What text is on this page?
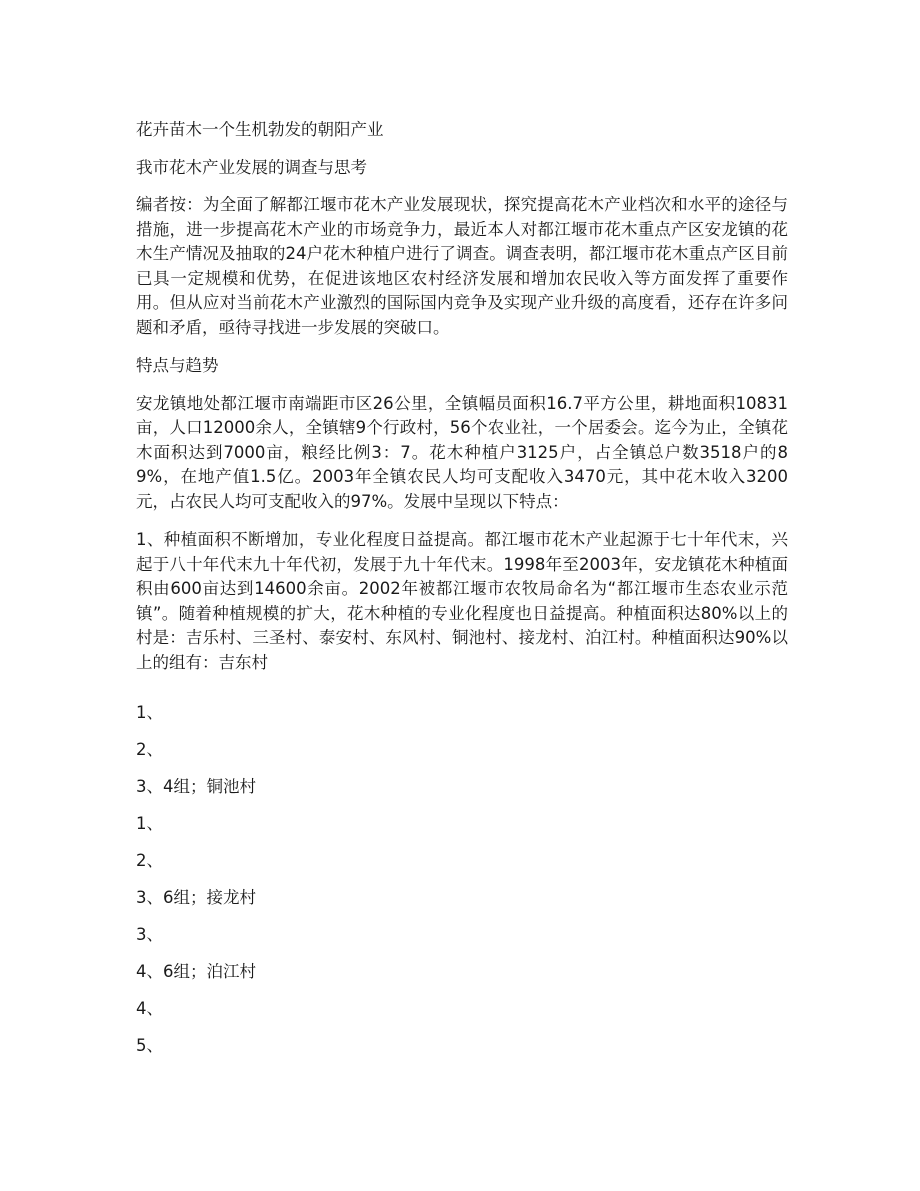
花卉苗木一个生机勃发的朝阳产业

我市花木产业发展的调查与思考

编者按：为全面了解都江堰市花木产业发展现状，探究提高花木产业档次和水平的途径与措施，进一步提高花木产业的市场竞争力，最近本人对都江堰市花木重点产区安龙镇的花木生产情况及抽取的24户花木种植户进行了调查。调查表明，都江堰市花木重点产区目前已具一定规模和优势，在促进该地区农村经济发展和增加农民收入等方面发挥了重要作用。但从应对当前花木产业激烈的国际国内竞争及实现产业升级的高度看，还存在许多问题和矛盾，亟待寻找进一步发展的突破口。

特点与趋势

安龙镇地处都江堰市南端距市区26公里，全镇幅员面积16.7平方公里，耕地面积10831亩，人口12000余人，全镇辖9个行政村，56个农业社，一个居委会。迄今为止，全镇花木面积达到7000亩，粮经比例3：7。花木种植户3125户，占全镇总户数3518户的89%，在地产值1.5亿。2003年全镇农民人均可支配收入3470元，其中花木收入3200元，占农民人均可支配收入的97%。发展中呈现以下特点：

1、种植面积不断增加，专业化程度日益提高。都江堰市花木产业起源于七十年代末，兴起于八十年代末九十年代初，发展于九十年代末。1998年至2003年，安龙镇花木种植面积由600亩达到14600余亩。2002年被都江堰市农牧局命名为“都江堰市生态农业示范镇”。随着种植规模的扩大，花木种植的专业化程度也日益提高。种植面积达80%以上的村是：吉乐村、三圣村、泰安村、东风村、铜池村、接龙村、泊江村。种植面积达90%以上的组有：吉东村

1、

2、

3、4组；铜池村

1、

2、

3、6组；接龙村

3、

4、6组；泊江村

4、

5、
